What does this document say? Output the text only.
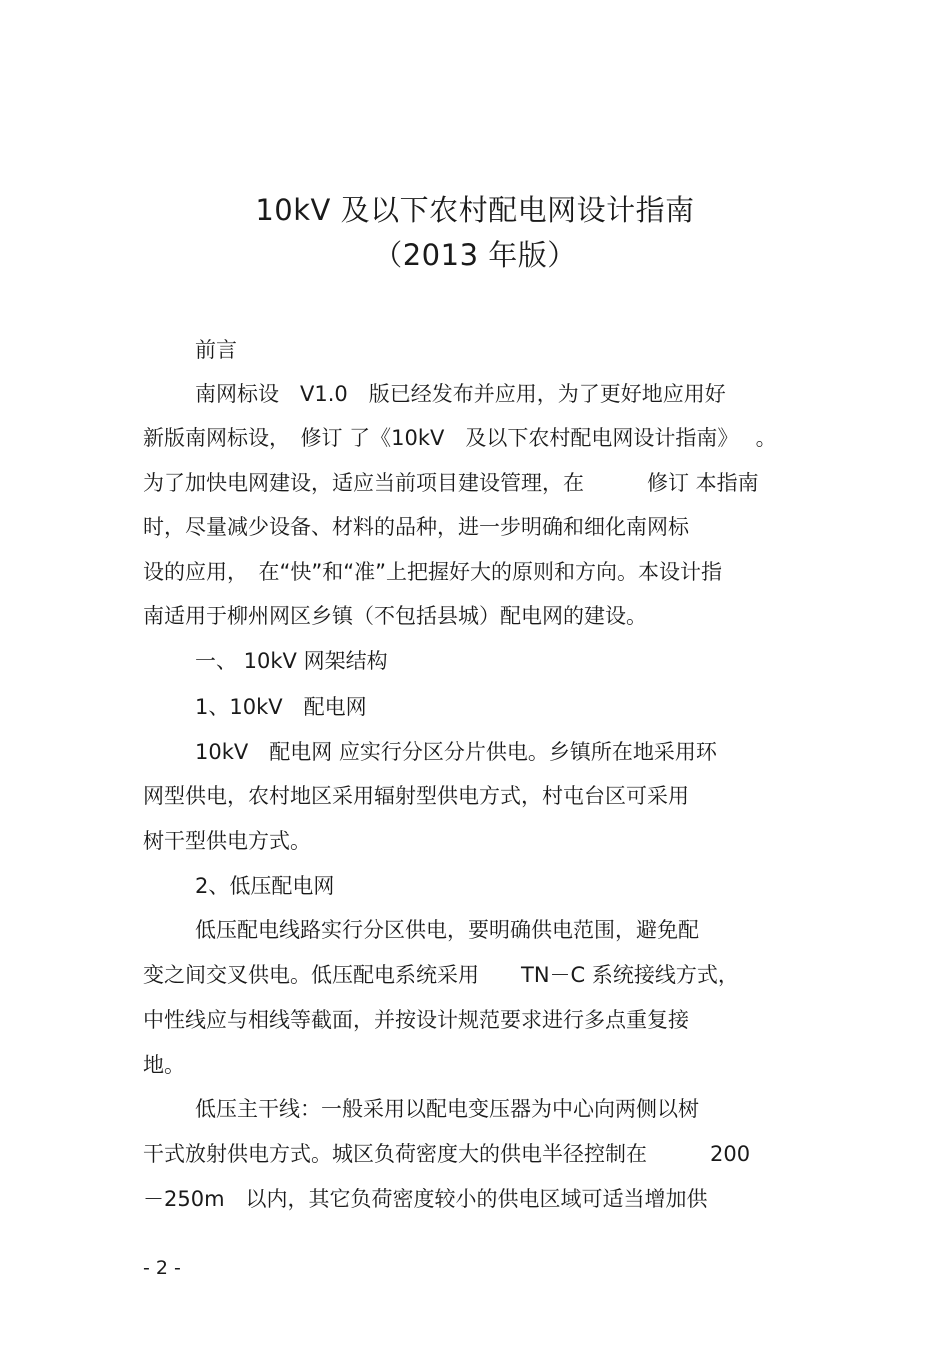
10kV 及以下农村配电网设计指南
（2013 年版）
前言
南网标设　V1.0　版已经发布并应用，为了更好地应用好
新版南网标设，　修订 了《10kV　及以下农村配电网设计指南》　 。
为了加快电网建设，适应当前项目建设管理，在　　　修订 本指南
时，尽量减少设备、材料的品种，进一步明确和细化南网标
设的应用，　在“快”和“准”上把握好大的原则和方向。本设计指
南适用于柳州网区乡镇（不包括县城）配电网的建设。
一、 10kV 网架结构
1、10kV　配电网
10kV　配电网 应实行分区分片供电。乡镇所在地采用环
网型供电，农村地区采用辐射型供电方式，村屯台区可采用
树干型供电方式。
2、低压配电网
低压配电线路实行分区供电，要明确供电范围，避免配
变之间交叉供电。低压配电系统采用　　TN－C 系统接线方式，
中性线应与相线等截面，并按设计规范要求进行多点重复接
地。
低压主干线：一般采用以配电变压器为中心向两侧以树
干式放射供电方式。城区负荷密度大的供电半径控制在　　　200
－250m　以内，其它负荷密度较小的供电区域可适当增加供
- 2 -
